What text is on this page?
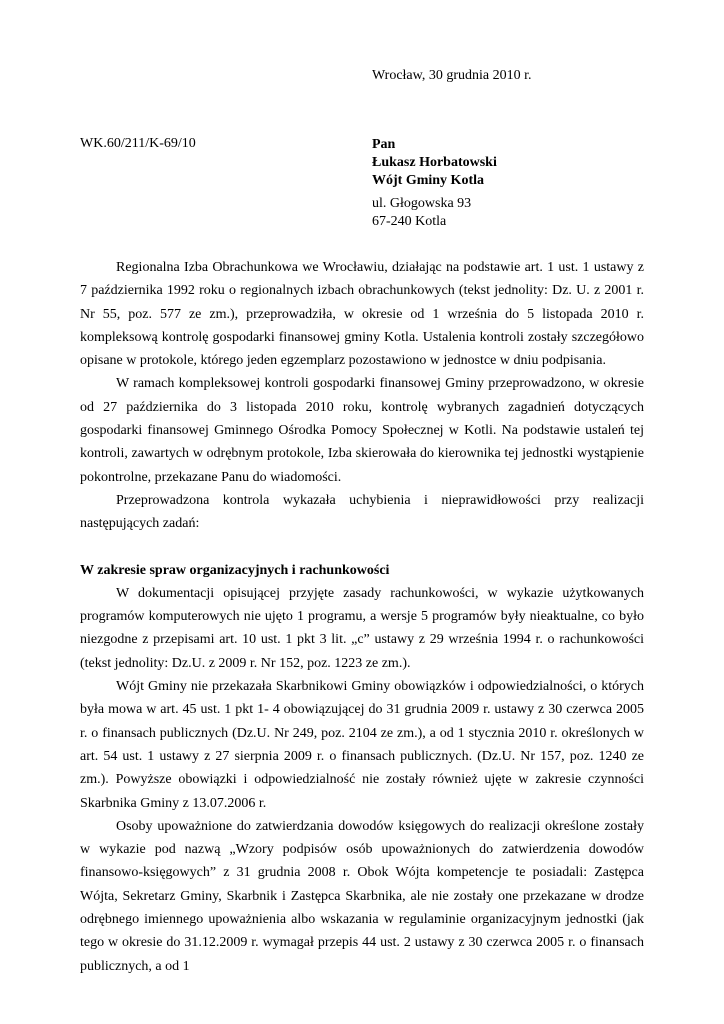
Wrocław, 30 grudnia 2010 r.
WK.60/211/K-69/10	Pan
Łukasz Horbatowski
Wójt Gminy Kotla
ul. Głogowska 93
67-240 Kotla

Regionalna Izba Obrachunkowa we Wrocławiu, działając na podstawie art. 1 ust. 1 ustawy z 7 października 1992 roku o regionalnych izbach obrachunkowych (tekst jednolity: Dz. U. z 2001 r. Nr 55, poz. 577 ze zm.), przeprowadziła, w okresie od 1 września do 5 listopada 2010 r. kompleksową kontrolę gospodarki finansowej gminy Kotla. Ustalenia kontroli zostały szczegółowo opisane w protokole, którego jeden egzemplarz pozostawiono w jednostce w dniu podpisania.

W ramach kompleksowej kontroli gospodarki finansowej Gminy przeprowadzono, w okresie od 27 października do 3 listopada 2010 roku, kontrolę wybranych zagadnień dotyczących gospodarki finansowej Gminnego Ośrodka Pomocy Społecznej w Kotli. Na podstawie ustaleń tej kontroli, zawartych w odrębnym protokole, Izba skierowała do kierownika tej jednostki wystąpienie pokontrolne, przekazane Panu do wiadomości.

Przeprowadzona kontrola wykazała uchybienia i nieprawidłowości przy realizacji następujących zadań:

W zakresie spraw organizacyjnych i rachunkowości

W dokumentacji opisującej przyjęte zasady rachunkowości, w wykazie użytkowanych programów komputerowych nie ujęto 1 programu, a wersje 5 programów były nieaktualne, co było niezgodne z przepisami art. 10 ust. 1 pkt 3 lit. „c” ustawy z 29 września 1994 r. o rachunkowości (tekst jednolity: Dz.U. z 2009 r. Nr 152, poz. 1223 ze zm.).

Wójt Gminy nie przekazała Skarbnikowi Gminy obowiązków i odpowiedzialności, o których była mowa w art. 45 ust. 1 pkt 1- 4 obowiązującej do 31 grudnia 2009 r. ustawy z 30 czerwca 2005 r. o finansach publicznych (Dz.U. Nr 249, poz. 2104 ze zm.), a od 1 stycznia 2010 r. określonych w art. 54 ust. 1 ustawy z 27 sierpnia 2009 r. o finansach publicznych. (Dz.U. Nr 157, poz. 1240 ze zm.). Powyższe obowiązki i odpowiedzialność nie zostały również ujęte w zakresie czynności Skarbnika Gminy z 13.07.2006 r.

Osoby upoważnione do zatwierdzania dowodów księgowych do realizacji określone zostały w wykazie pod nazwą „Wzory podpisów osób upoważnionych do zatwierdzenia dowodów finansowo-księgowych” z 31 grudnia 2008 r. Obok Wójta kompetencje te posiadali: Zastępca Wójta, Sekretarz Gminy, Skarbnik i Zastępca Skarbnika, ale nie zostały one przekazane w drodze odrębnego imiennego upoważnienia albo wskazania w regulaminie organizacyjnym jednostki (jak tego w okresie do 31.12.2009 r. wymagał przepis 44 ust. 2 ustawy z 30 czerwca 2005 r. o finansach publicznych, a od 1
